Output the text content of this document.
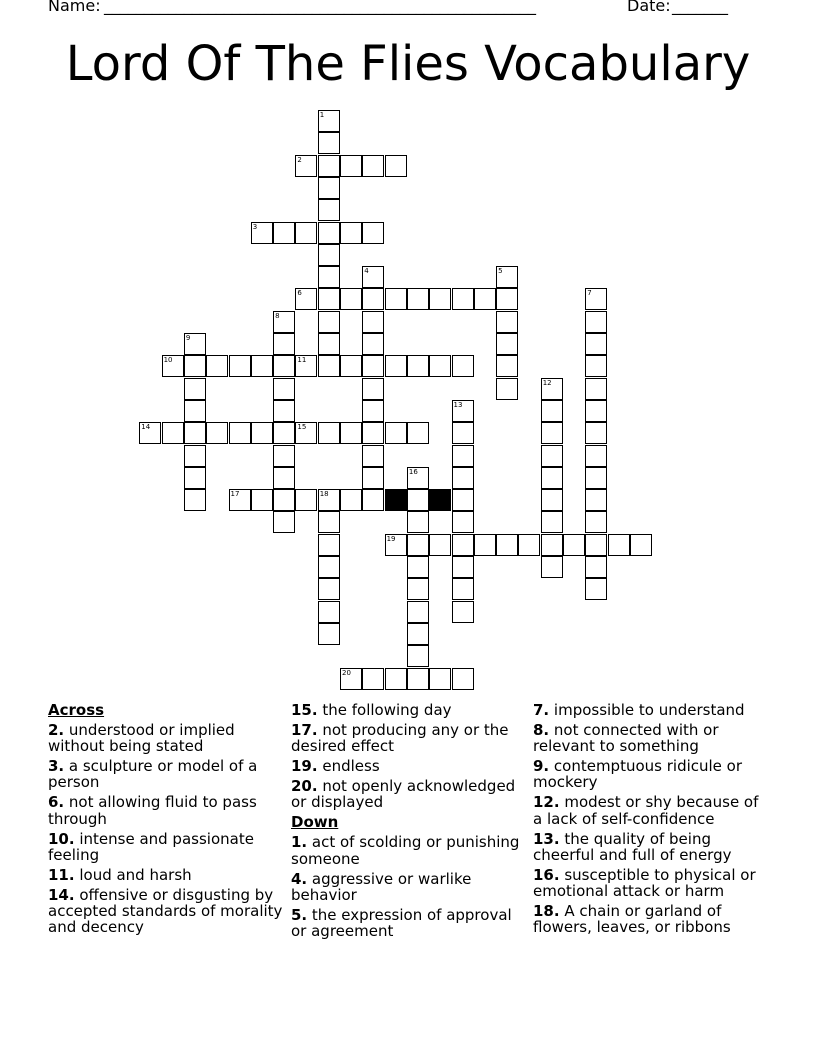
Name: ______________________________________________________	Date: _______
Lord Of The Flies Vocabulary
1
2
3
4	5
6	7
8
9
10	11
12
13
14	15
16
17	18
19
20
Across
2. understood or implied without being stated
3. a sculpture or model of a person
6. not allowing fluid to pass through
10. intense and passionate feeling
11. loud and harsh
14. offensive or disgusting by accepted standards of morality and decency
15. the following day
17. not producing any or the desired effect
19. endless
20. not openly acknowledged or displayed
Down
1. act of scolding or punishing someone
4. aggressive or warlike behavior
5. the expression of approval or agreement
7. impossible to understand
8. not connected with or relevant to something
9. contemptuous ridicule or mockery
12. modest or shy because of a lack of self-confidence
13. the quality of being cheerful and full of energy
16. susceptible to physical or emotional attack or harm
18. A chain or garland of flowers, leaves, or ribbons
